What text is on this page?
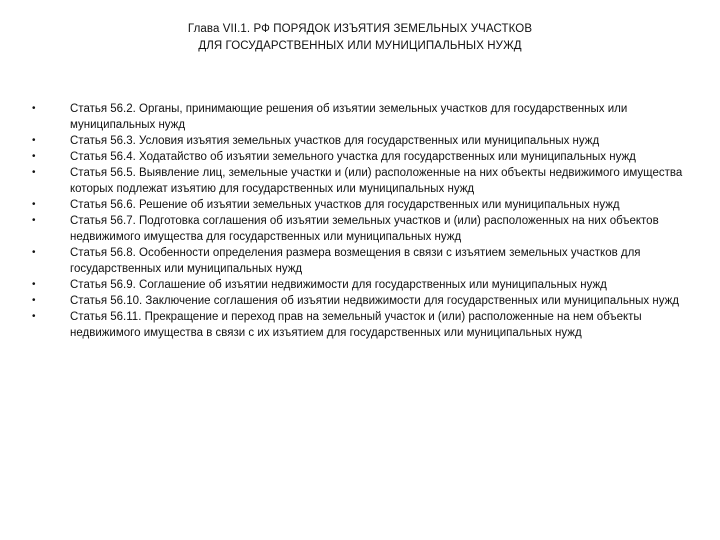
Глава VII.1. РФ ПОРЯДОК ИЗЪЯТИЯ ЗЕМЕЛЬНЫХ УЧАСТКОВ
ДЛЯ ГОСУДАРСТВЕННЫХ ИЛИ МУНИЦИПАЛЬНЫХ НУЖД
•	Статья 56.2. Органы, принимающие решения об изъятии земельных участков для государственных или муниципальных нужд
•	Статья 56.3. Условия изъятия земельных участков для государственных или муниципальных нужд
•	Статья 56.4. Ходатайство об изъятии земельного участка для государственных или муниципальных нужд
•	Статья 56.5. Выявление лиц, земельные участки и (или) расположенные на них объекты недвижимого имущества которых подлежат изъятию для государственных или муниципальных нужд
•	Статья 56.6. Решение об изъятии земельных участков для государственных или муниципальных нужд
•	Статья 56.7. Подготовка соглашения об изъятии земельных участков и (или) расположенных на них объектов недвижимого имущества для государственных или муниципальных нужд
•	Статья 56.8. Особенности определения размера возмещения в связи с изъятием земельных участков для государственных или муниципальных нужд
•	Статья 56.9. Соглашение об изъятии недвижимости для государственных или муниципальных нужд
•	Статья 56.10. Заключение соглашения об изъятии недвижимости для государственных или муниципальных нужд
•	Статья 56.11. Прекращение и переход прав на земельный участок и (или) расположенные на нем объекты недвижимого имущества в связи с их изъятием для государственных или муниципальных нужд
